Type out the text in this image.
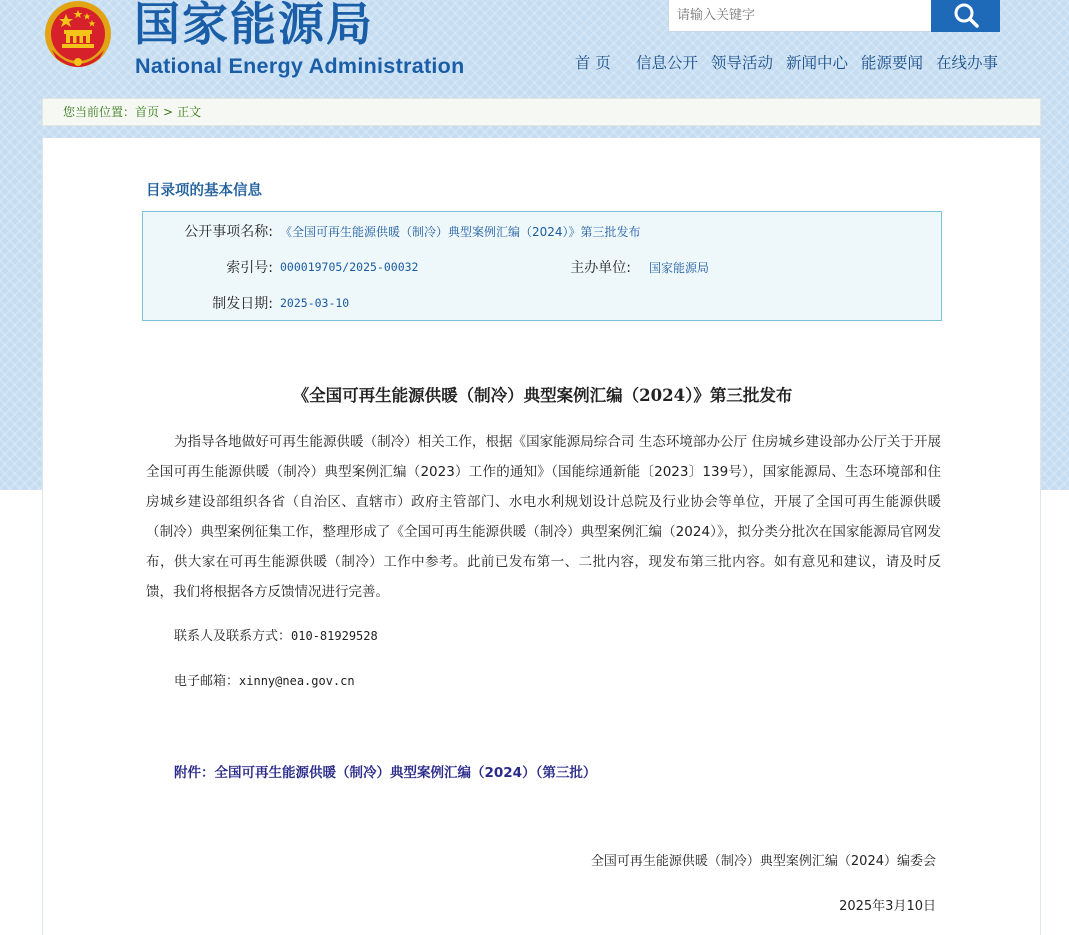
国家能源局
National Energy Administration
请输入关键字	首 页 信息公开 领导活动 新闻中心 能源要闻 在线办事
您当前位置：首页 > 正文
目录项的基本信息
公开事项名称: 《全国可再生能源供暖（制冷）典型案例汇编（2024）》第三批发布
索引号: 000019705/2025-00032	主办单位: 国家能源局
制发日期: 2025-03-10
《全国可再生能源供暖（制冷）典型案例汇编（2024）》第三批发布
为指导各地做好可再生能源供暖（制冷）相关工作，根据《国家能源局综合司 生态环境部办公厅 住房城乡建设部办公厅关于开展全国可再生能源供暖（制冷）典型案例汇编（2023）工作的通知》（国能综通新能〔2023〕139号），国家能源局、生态环境部和住房城乡建设部组织各省（自治区、直辖市）政府主管部门、水电水利规划设计总院及行业协会等单位，开展了全国可再生能源供暖（制冷）典型案例征集工作，整理形成了《全国可再生能源供暖（制冷）典型案例汇编（2024）》，拟分类分批次在国家能源局官网发布，供大家在可再生能源供暖（制冷）工作中参考。此前已发布第一、二批内容，现发布第三批内容。如有意见和建议，请及时反馈，我们将根据各方反馈情况进行完善。
联系人及联系方式：010-81929528
电子邮箱：xinny@nea.gov.cn
附件：全国可再生能源供暖（制冷）典型案例汇编（2024）（第三批）
全国可再生能源供暖（制冷）典型案例汇编（2024）编委会
2025年3月10日
